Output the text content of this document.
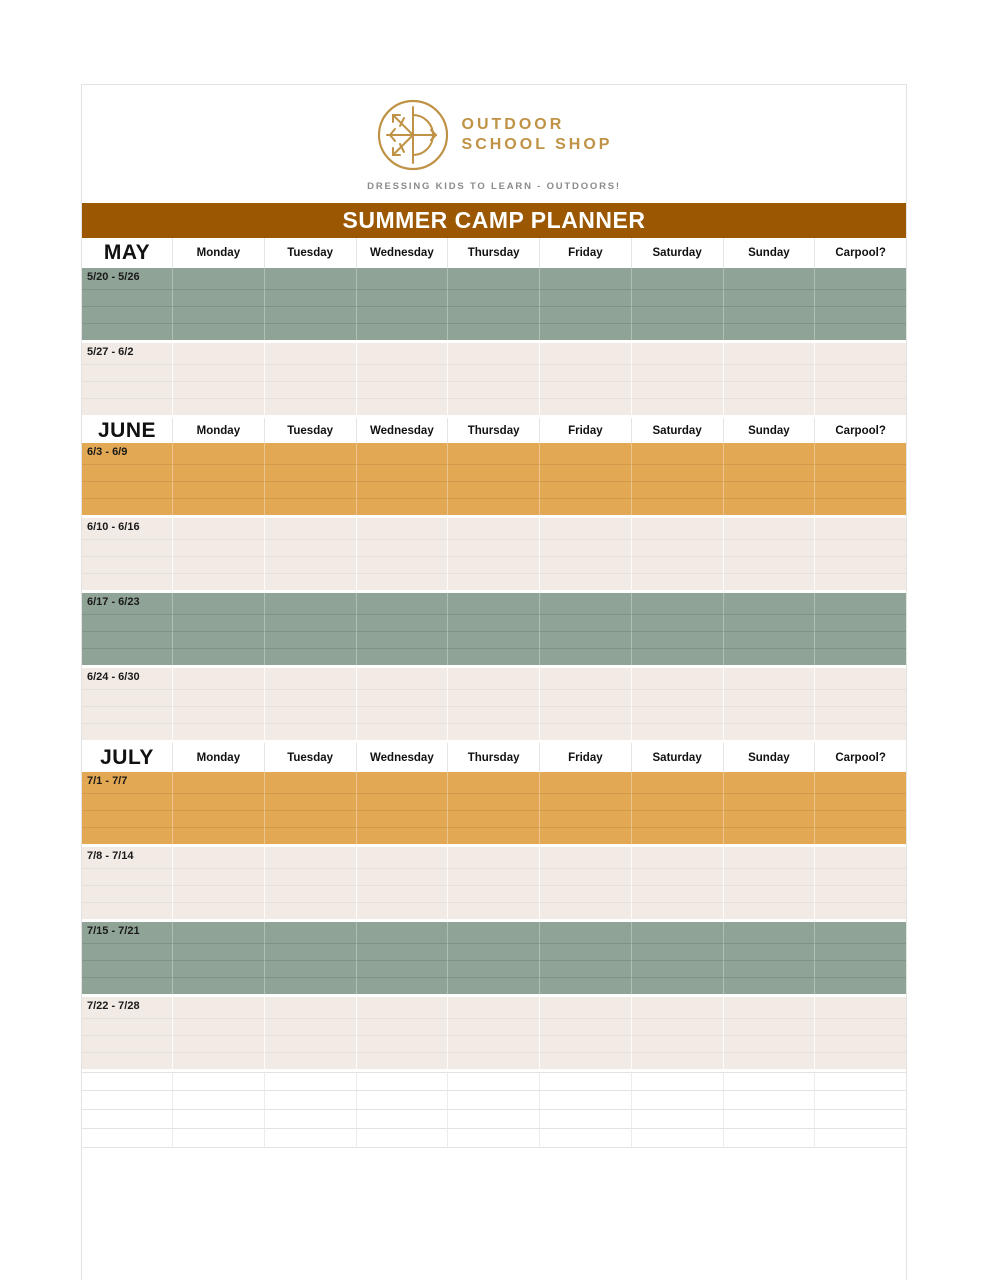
OUTDOOR
SCHOOL SHOP
DRESSING KIDS TO LEARN - OUTDOORS!
SUMMER CAMP PLANNER
MAY	Monday	Tuesday	Wednesday	Thursday	Friday	Saturday	Sunday	Carpool?
5/20 - 5/26
5/27 - 6/2
JUNE	Monday	Tuesday	Wednesday	Thursday	Friday	Saturday	Sunday	Carpool?
6/3 - 6/9
6/10 - 6/16
6/17 - 6/23
6/24 - 6/30
JULY	Monday	Tuesday	Wednesday	Thursday	Friday	Saturday	Sunday	Carpool?
7/1 - 7/7
7/8 - 7/14
7/15 - 7/21
7/22 - 7/28
